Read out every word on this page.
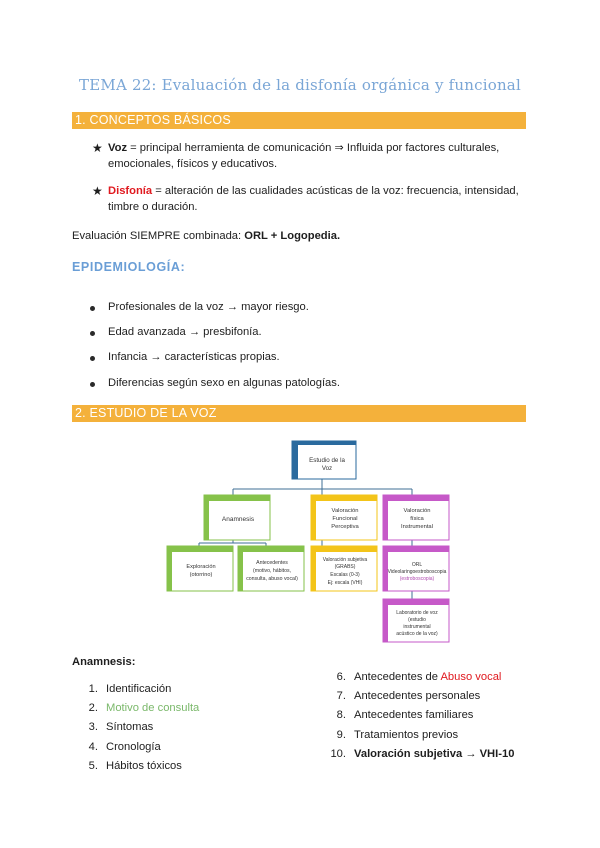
TEMA 22: Evaluación de la disfonía orgánica y funcional
1. CONCEPTOS BÁSICOS
★ Voz = principal herramienta de comunicación ⇒ Influida por factores culturales,
emocionales, físicos y educativos.
★ Disfonía = alteración de las cualidades acústicas de la voz: frecuencia, intensidad,
timbre o duración.
Evaluación SIEMPRE combinada: ORL + Logopedia.
EPIDEMIOLOGÍA:
Profesionales de la voz → mayor riesgo.
Edad avanzada → presbifonía.
Infancia → características propias.
Diferencias según sexo en algunas patologías.
2. ESTUDIO DE LA VOZ
Estudio de la
Voz
Anamnesis
Valoración
Funcional
Perceptiva
Valoración
física
Instrumental
Exploración
(otorrino)
Antecedentes
(motivo, hábitos,
consulta, abuso vocal)
Valoración subjetiva
(GRABS)
Escalas (0-3)
Ej: escala (VHI)
ORL
Videolaringoestroboscopia
(estroboscopia)
Laboratorio de voz
(estudio
instrumental
acústico de la voz)
Anamnesis:
1. Identificación
2. Motivo de consulta
3. Síntomas
4. Cronología
5. Hábitos tóxicos
6. Antecedentes de Abuso vocal
7. Antecedentes personales
8. Antecedentes familiares
9. Tratamientos previos
10. Valoración subjetiva → VHI-10
